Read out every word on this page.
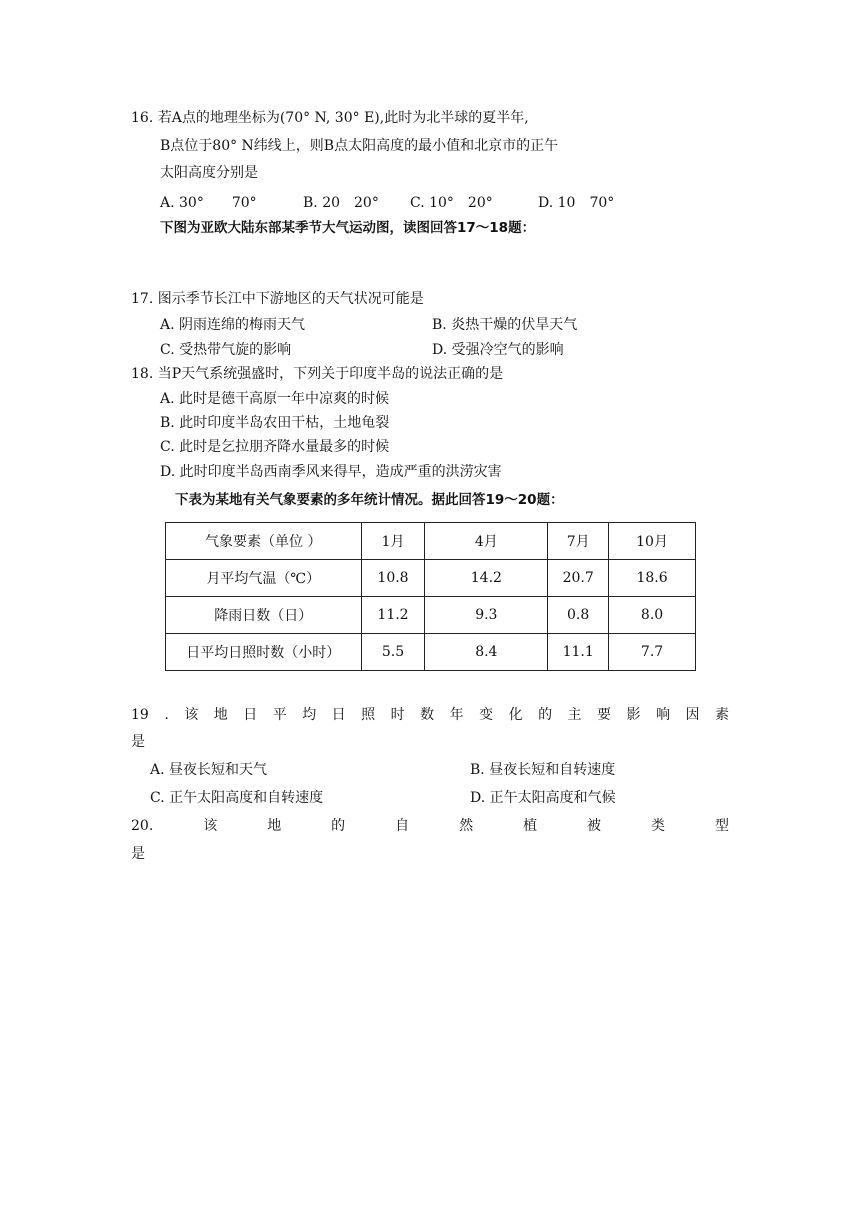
16. 若A点的地理坐标为(70° N, 30° E),此时为北半球的夏半年,
B点位于80° N纬线上，则B点太阳高度的最小值和北京市的正午
太阳高度分别是
A. 30°　　70°	B. 20　20° C. 10°　20°	D. 10　70°
下图为亚欧大陆东部某季节大气运动图，读图回答17～18题：
17. 图示季节长江中下游地区的天气状况可能是
A. 阴雨连绵的梅雨天气	B. 炎热干燥的伏旱天气
C. 受热带气旋的影响	D. 受强冷空气的影响
18. 当P天气系统强盛时，下列关于印度半岛的说法正确的是
A. 此时是德干高原一年中凉爽的时候
B. 此时印度半岛农田干枯，土地龟裂
C. 此时是乞拉朋齐降水量最多的时候
D. 此时印度半岛西南季风来得早，造成严重的洪涝灾害
下表为某地有关气象要素的多年统计情况。据此回答19～20题：
气象要素（单位 ）	1月	4月	7月	10月
月平均气温（℃）	10.8	14.2	20.7	18.6
降雨日数（日）	11.2	9.3	0.8	8.0
日平均日照时数（小时）	5.5	8.4	11.1	7.7
19 . 该 地 日 平 均 日 照 时 数 年 变 化 的 主 要 影 响 因 素
是
A. 昼夜长短和天气	B. 昼夜长短和自转速度
C. 正午太阳高度和自转速度	D. 正午太阳高度和气候
20.	该	地	的	自	然	植	被	类	型
是
